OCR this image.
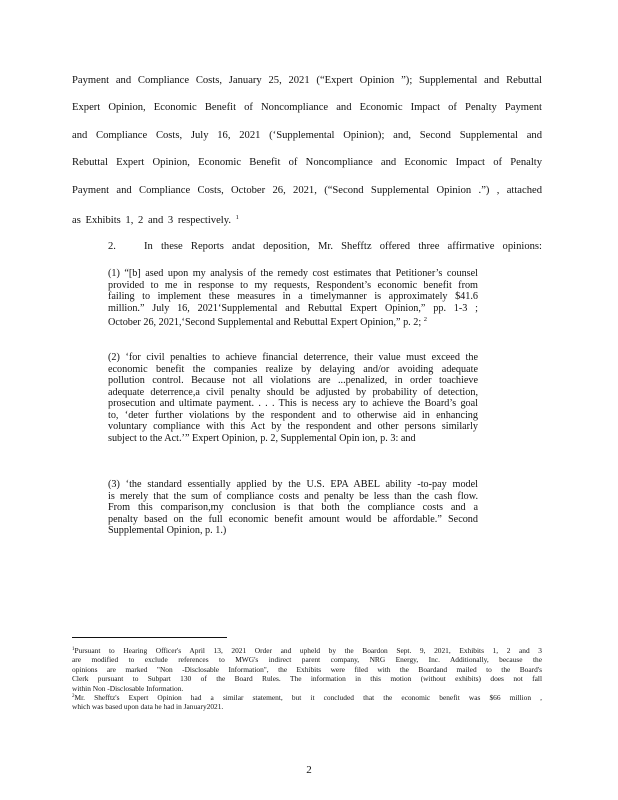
Payment and Compliance Costs, January 25, 2021 (“Expert Opinion ”); Supplemental and Rebuttal
Expert Opinion, Economic Benefit of Noncompliance and Economic Impact of Penalty Payment
and Compliance Costs, July 16, 2021 (‘Supplemental Opinion); and, Second Supplemental and
Rebuttal Expert Opinion, Economic Benefit of Noncompliance and Economic Impact of Penalty
Payment and Compliance Costs, October 26, 2021, (“Second Supplemental Opinion .”) , attached
as Exhibits 1, 2 and 3 respectively. $^1$
2.	In these Reports andat deposition, Mr. Shefftz offered three affirmative opinions:
(1) “[b] ased upon my analysis of the remedy cost estimates that Petitioner’s counsel
provided to me in response to my requests, Respondent’s economic benefit from
failing to implement these measures in a timelymanner is approximately $41.6
million.” July 16, 2021‘Supplemental and Rebuttal Expert Opinion,” pp. 1-3 ;
October 26, 2021,‘Second Supplemental and Rebuttal Expert Opinion,” p. 2; $^2$
(2) ‘for civil penalties to achieve financial deterrence, their value must exceed the
economic benefit the companies realize by delaying and/or avoiding adequate
pollution control. Because not all violations are ...penalized, in order toachieve
adequate deterrence,a civil penalty should be adjusted by probability of detection,
prosecution and ultimate payment. . . . This is necess ary to achieve the Board’s goal
to, ‘deter further violations by the respondent and to otherwise aid in enhancing
voluntary compliance with this Act by the respondent and other persons similarly
subject to the Act.’” Expert Opinion, p. 2, Supplemental Opin ion, p. 3: and
(3) ‘the standard essentially applied by the U.S. EPA ABEL ability -to-pay model
is merely that the sum of compliance costs and penalty be less than the cash flow.
From this comparison,my conclusion is that both the compliance costs and a
penalty based on the full economic benefit amount would be affordable.” Second
Supplemental Opinion, p. 1.)
$^1$Pursuant to Hearing Officer's April 13, 2021 Order and upheld by the Boardon Sept. 9, 2021, Exhibits 1, 2 and 3
are modified to exclude references to MWG's indirect parent company, NRG Energy, Inc. Additionally, because the
opinions are marked "Non -Disclosable Information", the Exhibits were filed with the Boardand mailed to the Board's
Clerk pursuant to Subpart 130 of the Board Rules. The information in this motion (without exhibits) does not fall
within Non -Disclosable Information.
$^2$Mr. Shefftz's Expert Opinion had a similar statement, but it concluded that the economic benefit was $66 million ,
which was based upon data he had in January2021.
2
